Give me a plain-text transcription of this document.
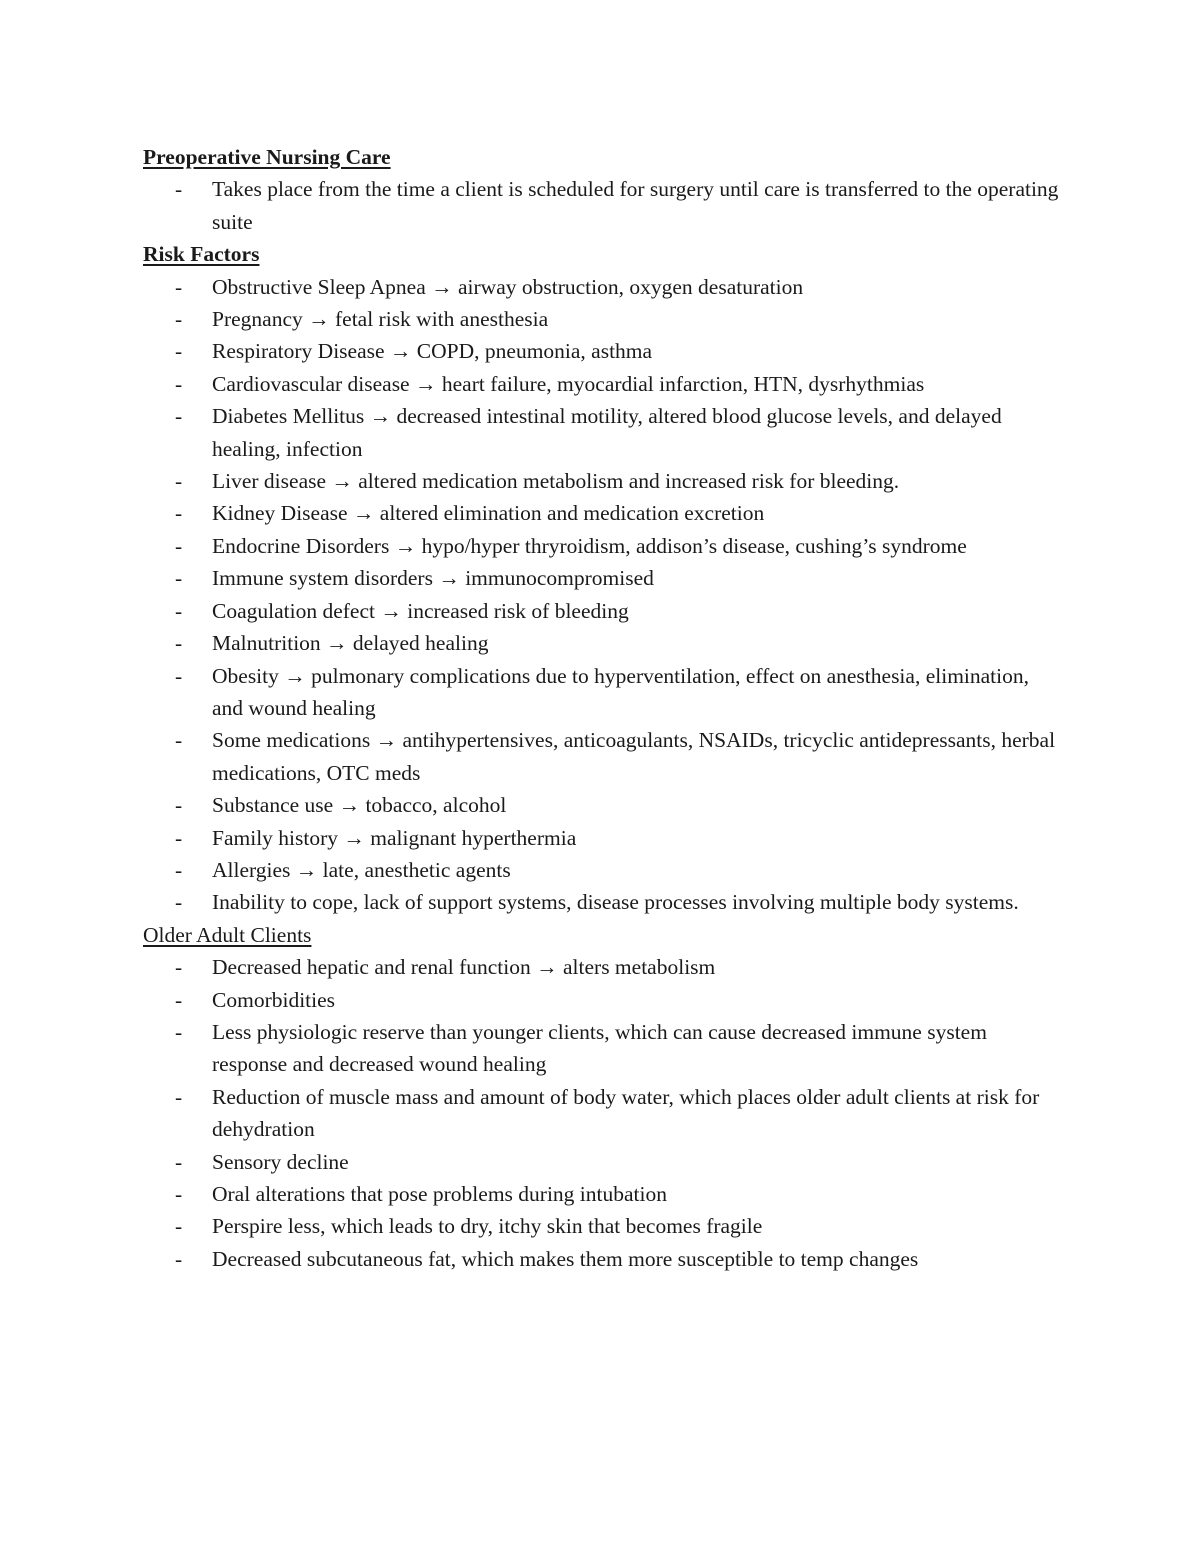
Preoperative Nursing Care

- Takes place from the time a client is scheduled for surgery until care is transferred to the operating suite

Risk Factors

- Obstructive Sleep Apnea → airway obstruction, oxygen desaturation
- Pregnancy → fetal risk with anesthesia
- Respiratory Disease → COPD, pneumonia, asthma
- Cardiovascular disease → heart failure, myocardial infarction, HTN, dysrhythmias
- Diabetes Mellitus → decreased intestinal motility, altered blood glucose levels, and delayed healing, infection
- Liver disease → altered medication metabolism and increased risk for bleeding.
- Kidney Disease → altered elimination and medication excretion
- Endocrine Disorders → hypo/hyper thryroidism, addison’s disease, cushing’s syndrome
- Immune system disorders → immunocompromised
- Coagulation defect → increased risk of bleeding
- Malnutrition → delayed healing
- Obesity → pulmonary complications due to hyperventilation, effect on anesthesia, elimination, and wound healing
- Some medications → antihypertensives, anticoagulants, NSAIDs, tricyclic antidepressants, herbal medications, OTC meds
- Substance use → tobacco, alcohol
- Family history → malignant hyperthermia
- Allergies → late, anesthetic agents
- Inability to cope, lack of support systems, disease processes involving multiple body systems.

Older Adult Clients

- Decreased hepatic and renal function → alters metabolism
- Comorbidities
- Less physiologic reserve than younger clients, which can cause decreased immune system response and decreased wound healing
- Reduction of muscle mass and amount of body water, which places older adult clients at risk for dehydration
- Sensory decline
- Oral alterations that pose problems during intubation
- Perspire less, which leads to dry, itchy skin that becomes fragile
- Decreased subcutaneous fat, which makes them more susceptible to temp changes
